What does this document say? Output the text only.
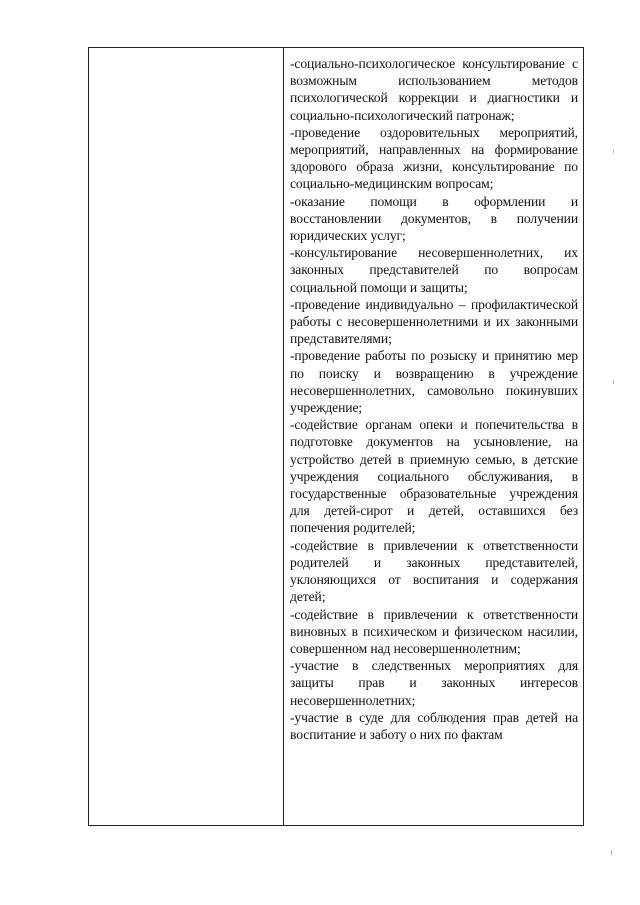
-социально-психологическое консультирование с возможным использованием методов психологической коррекции и диагностики и социально-психологический патронаж;

-проведение оздоровительных мероприятий, мероприятий, направленных на формирование здорового образа жизни, консультирование по социально-медицинским вопросам;

-оказание помощи в оформлении и восстановлении документов, в получении юридических услуг;

-консультирование несовершеннолетних, их законных представителей по вопросам социальной помощи и защиты;

-проведение индивидуально – профилактической работы с несовершеннолетними и их законными представителями;

-проведение работы по розыску и принятию мер по поиску и возвращению в учреждение несовершеннолетних, самовольно покинувших учреждение;

-содействие органам опеки и попечительства в подготовке документов на усыновление, на устройство детей в приемную семью, в детские учреждения социального обслуживания, в государственные образовательные учреждения для детей-сирот и детей, оставшихся без попечения родителей;

-содействие в привлечении к ответственности родителей и законных представителей, уклоняющихся от воспитания и содержания детей;

-содействие в привлечении к ответственности виновных в психическом и физическом насилии, совершенном над несовершеннолетним;

-участие в следственных мероприятиях для защиты прав и законных интересов несовершеннолетних;

-участие в суде для соблюдения прав детей на воспитание и заботу о них по фактам
